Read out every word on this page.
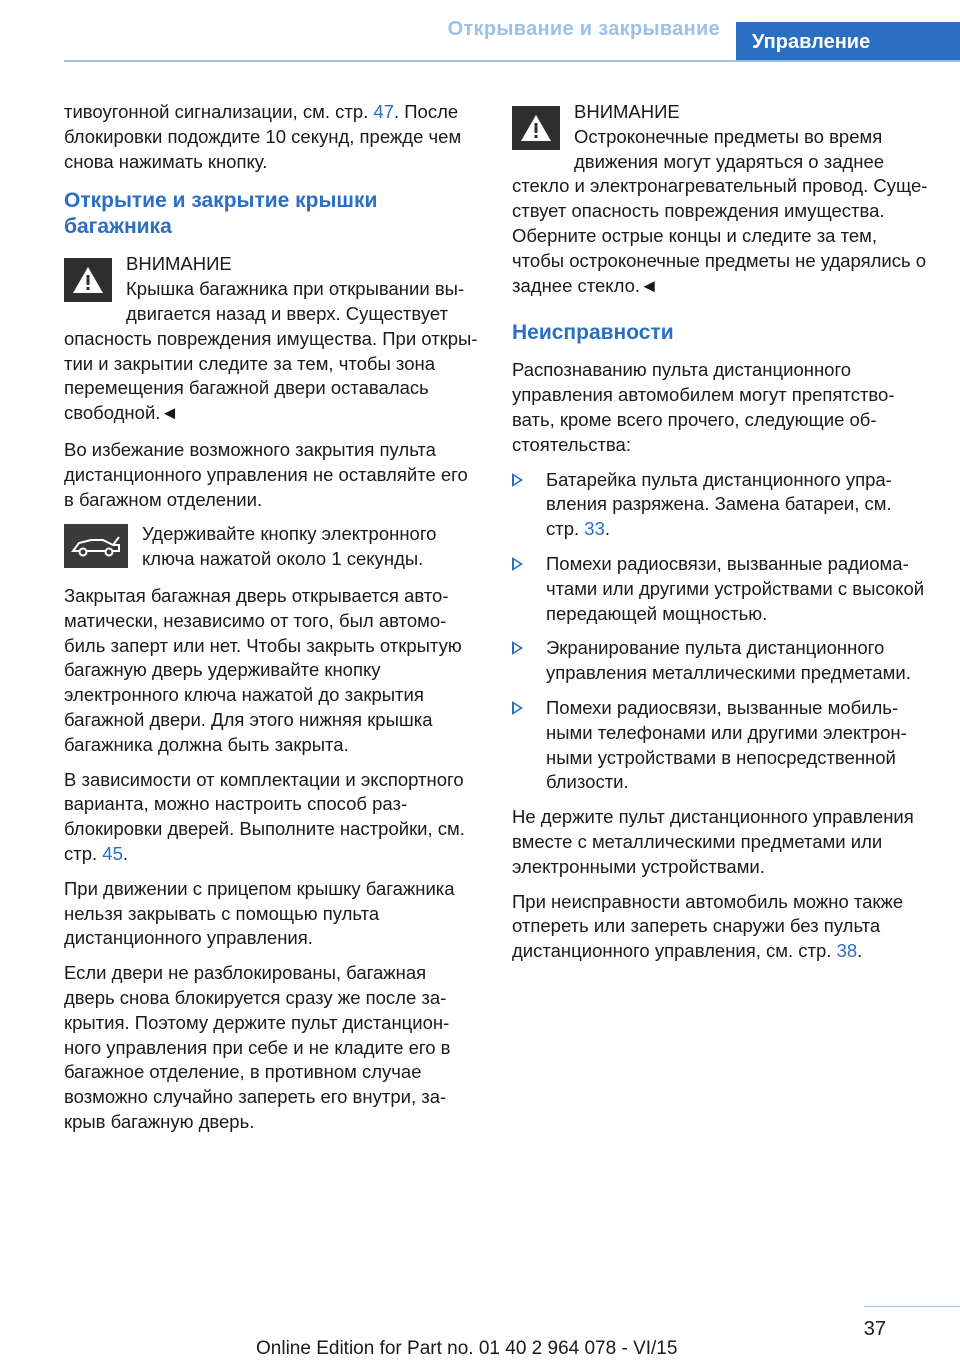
Открывание и закрывание
Управление

тивоугонной сигнализации, см. стр. 47. После блокировки подождите 10 секунд, прежде чем снова нажимать кнопку.

Открытие и закрытие крышки багажника
ВНИМАНИЕ
Крышка багажника при открывании выдвигается назад и вверх. Существует опасность повреждения имущества. При открытии и закрытии следите за тем, чтобы зона перемещения багажной двери оставалась свободной.◄

Во избежание возможного закрытия пульта дистанционного управления не оставляйте его в багажном отделении.

Удерживайте кнопку электронного ключа нажатой около 1 секунды.

Закрытая багажная дверь открывается автоматически, независимо от того, был автомобиль заперт или нет. Чтобы закрыть открытую багажную дверь удерживайте кнопку электронного ключа нажатой до закрытия багажной двери. Для этого нижняя крышка багажника должна быть закрыта.

В зависимости от комплектации и экспортного варианта, можно настроить способ разблокировки дверей. Выполните настройки, см. стр. 45.

При движении с прицепом крышку багажника нельзя закрывать с помощью пульта дистанционного управления.

Если двери не разблокированы, багажная дверь снова блокируется сразу же после закрытия. Поэтому держите пульт дистанционного управления при себе и не кладите его в багажное отделение, в противном случае возможно случайно запереть его внутри, закрыв багажную дверь.

ВНИМАНИЕ
Остроконечные предметы во время движения могут ударяться о заднее стекло и электронагревательный провод. Существует опасность повреждения имущества. Оберните острые концы и следите за тем, чтобы остроконечные предметы не ударялись о заднее стекло.◄
Неисправности

Распознаванию пульта дистанционного управления автомобилем могут препятствовать, кроме всего прочего, следующие обстоятельства:

Батарейка пульта дистанционного управления разряжена. Замена батареи, см. стр. 33.
Помехи радиосвязи, вызванные радиомачтами или другими устройствами с высокой передающей мощностью.
Экранирование пульта дистанционного управления металлическими предметами.
Помехи радиосвязи, вызванные мобильными телефонами или другими электронными устройствами в непосредственной близости.

Не держите пульт дистанционного управления вместе с металлическими предметами или электронными устройствами.

При неисправности автомобиль можно также отпереть или запереть снаружи без пульта дистанционного управления, см. стр. 38.

37
Online Edition for Part no. 01 40 2 964 078 - VI/15
